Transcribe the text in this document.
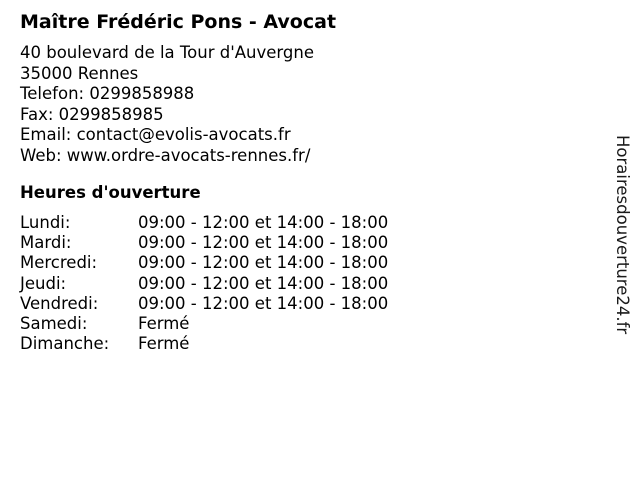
Maître Frédéric Pons - Avocat
40 boulevard de la Tour d'Auvergne
35000 Rennes
Telefon: 0299858988
Fax: 0299858985
Email: contact@evolis-avocats.fr
Web: www.ordre-avocats-rennes.fr/
Heures d'ouverture
Lundi:	09:00 - 12:00 et 14:00 - 18:00
Mardi:	09:00 - 12:00 et 14:00 - 18:00
Mercredi: 09:00 - 12:00 et 14:00 - 18:00
Jeudi:	09:00 - 12:00 et 14:00 - 18:00
Vendredi: 09:00 - 12:00 et 14:00 - 18:00
Samedi:	Fermé
Dimanche: Fermé
Horairesdouverture24.fr
